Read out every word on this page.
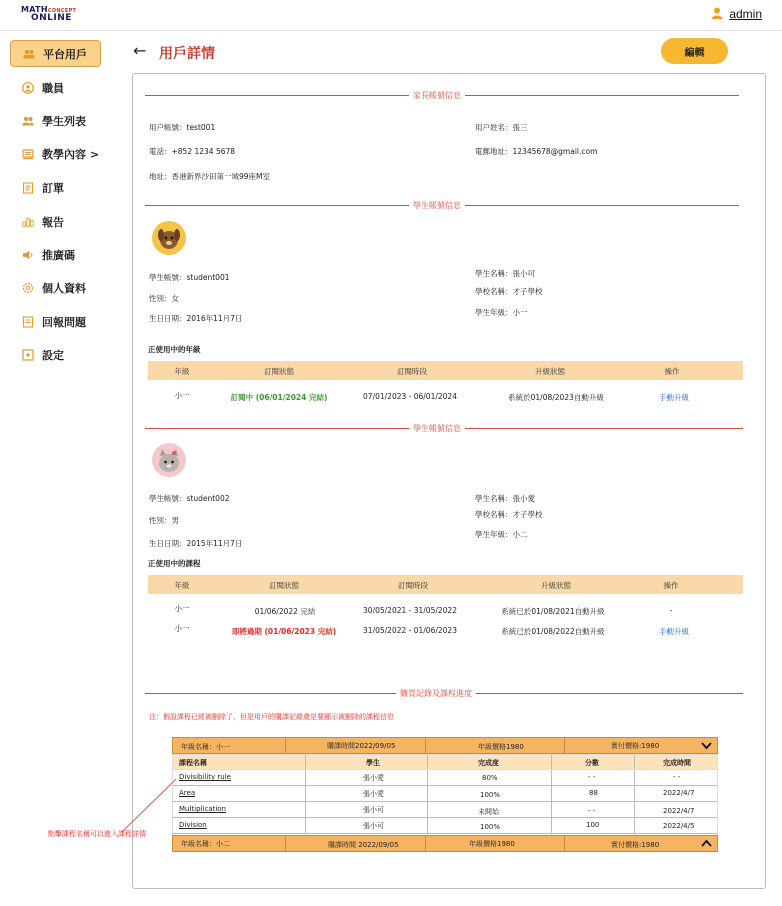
MATHCONCEPT
ONLINE	admin
平台用戶
職員
學生列表
教學內容 >
訂單
報告
推廣碼
個人資料
回報問題
設定
← 用戶詳情	編輯
家長帳號信息
用户帳號：test001	用户姓名：張三
電話：+852 1234 5678	電郵地址：12345678@gmail.com
地址：香港新界沙田第一城99座M室
學生帳號信息
學生帳號：student001
性別：女
生日日期：2016年11月7日
學生名稱：張小可
學校名稱：才子學校
學生年級：小一
正使用中的年級
年級	訂閱狀態	訂閱時段	升級狀態	操作
小一	訂閱中 (06/01/2024 完結)	07/01/2023 - 06/01/2024	系統於01/08/2023自動升級	手動升級
學生帳號信息
學生帳號：student002
性別：男
生日日期：2015年11月7日
學生名稱：張小愛
學校名稱：才子學校
學生年級：小二
正使用中的課程
年級	訂閱狀態	訂閱時段	升級狀態	操作
小一	01/06/2022 完結	30/05/2021 - 31/05/2022	系統已於01/08/2021自動升級	-
小一	即將過期 (01/06/2023 完結)	31/05/2022 - 01/06/2023	系統已於01/08/2022自動升級	手動升級
購買記錄及課程進度
注：假設課程已經被刪除了，但是用戶的購課記錄還是要顯示被刪除的課程信息
年級名稱：小一	購課時間2022/09/05	年級價格1980	實付價格:1980
課程名稱	學生	完成度	分數	完成時間
Divisibility rule	張小愛	80%	- -	- -
Area	張小愛	100%	88	2022/4/7
Multiplication	張小可	未開始	- -	2022/4/7
Division	張小可	100%	100	2022/4/5
年級名稱：小二	購課時間 2022/09/05	年級價格1980	實付價格:1980
點擊課程名稱可以進入課程詳情
